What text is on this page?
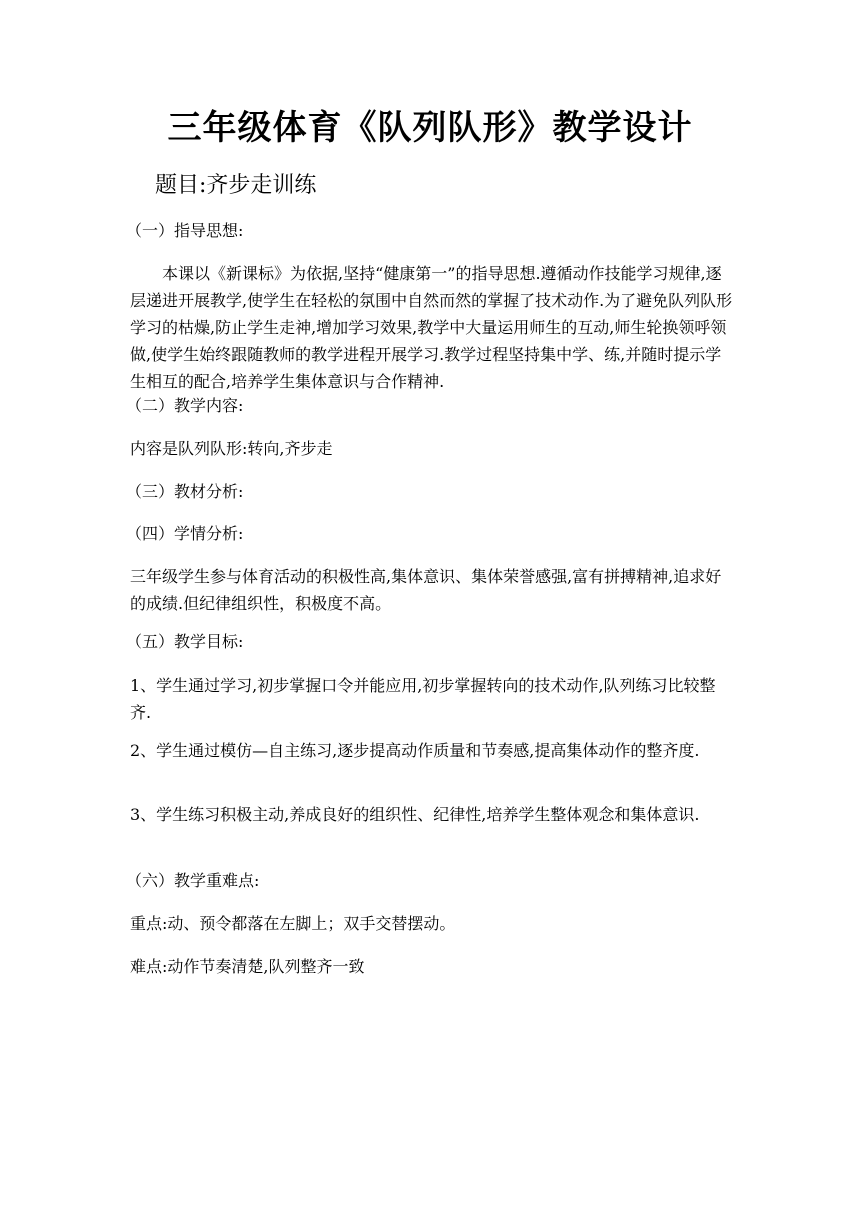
三年级体育《队列队形》教学设计
题目:齐步走训练
（一）指导思想:
本课以《新课标》为依据,坚持“健康第一”的指导思想.遵循动作技能学习规律,逐层递进开展教学,使学生在轻松的氛围中自然而然的掌握了技术动作.为了避免队列队形学习的枯燥,防止学生走神,增加学习效果,教学中大量运用师生的互动,师生轮换领呼领做,使学生始终跟随教师的教学进程开展学习.教学过程坚持集中学、练,并随时提示学生相互的配合,培养学生集体意识与合作精神.
（二）教学内容:
内容是队列队形:转向,齐步走
（三）教材分析:
（四）学情分析:
三年级学生参与体育活动的积极性高,集体意识、集体荣誉感强,富有拼搏精神,追求好的成绩.但纪律组织性，积极度不高。
（五）教学目标:
1、学生通过学习,初步掌握口令并能应用,初步掌握转向的技术动作,队列练习比较整齐.
2、学生通过模仿—自主练习,逐步提高动作质量和节奏感,提高集体动作的整齐度.
3、学生练习积极主动,养成良好的组织性、纪律性,培养学生整体观念和集体意识.
（六）教学重难点:
重点:动、预令都落在左脚上；双手交替摆动。
难点:动作节奏清楚,队列整齐一致
